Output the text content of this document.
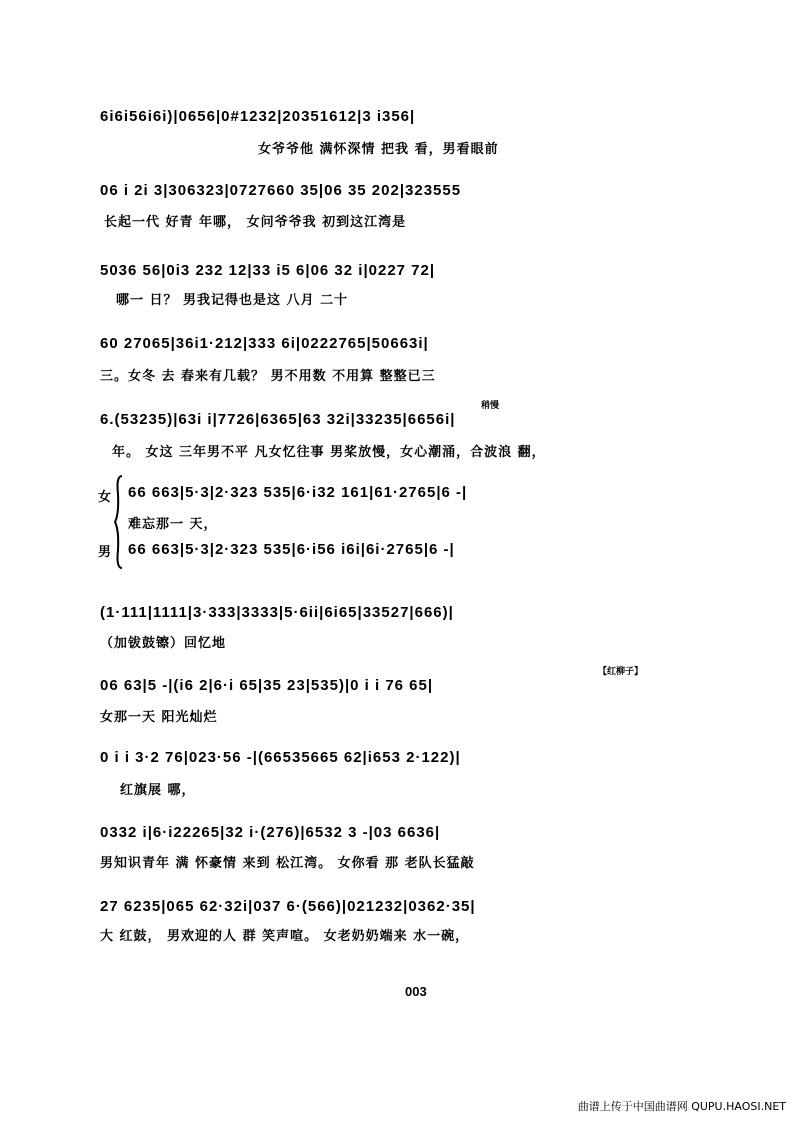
6i6i56i6i)|0656|0#1232|20351612|3 i356|
女爷爷他 满怀深情 把我 看，男看眼前
06 i 2i 3|306323|0727660 35|06 35 202|323555
长起一代 好青 年哪， 女问爷爷我 初到这江湾是
5036 56|0i3 232 12|33 i5 6|06 32 i|0227 72|
哪一 日？ 男我记得也是这 八月 二十
60 27065|36i1·212|333 6i|0222765|50663i|
三。女冬 去 春来有几载？ 男不用数 不用算 整整已三
稍慢
6.(53235)|63i i|7726|6365|63 32i|33235|6656i|
年。 女这 三年男不平 凡女忆往事 男桨放慢，女心潮涌，合波浪 翻，
女
男
66 663|5·3|2·323 535|6·i32 161|61·2765|6 -|
难忘那一 天，
66 663|5·3|2·323 535|6·i56 i6i|6i·2765|6 -|
(1·111|1111|3·333|3333|5·6ii|6i65|33527|666)|
（加钹鼓镲）回忆地
【红柳子】
06 63|5 -|(i6 2|6·i 65|35 23|535)|0 i i 76 65|
女那一天 阳光灿烂
0 i i 3·2 76|023·56 -|(66535665 62|i653 2·122)|
红旗展 哪，
0332 i|6·i22265|32 i·(276)|6532 3 -|03 6636|
男知识青年 满 怀豪情 来到 松江湾。 女你看 那 老队长猛敲
27 6235|065 62·32i|037 6·(566)|021232|0362·35|
大 红鼓， 男欢迎的人 群 笑声喧。 女老奶奶端来 水一碗，
003
曲谱上传于中国曲谱网 QUPU.HAOSI.NET
